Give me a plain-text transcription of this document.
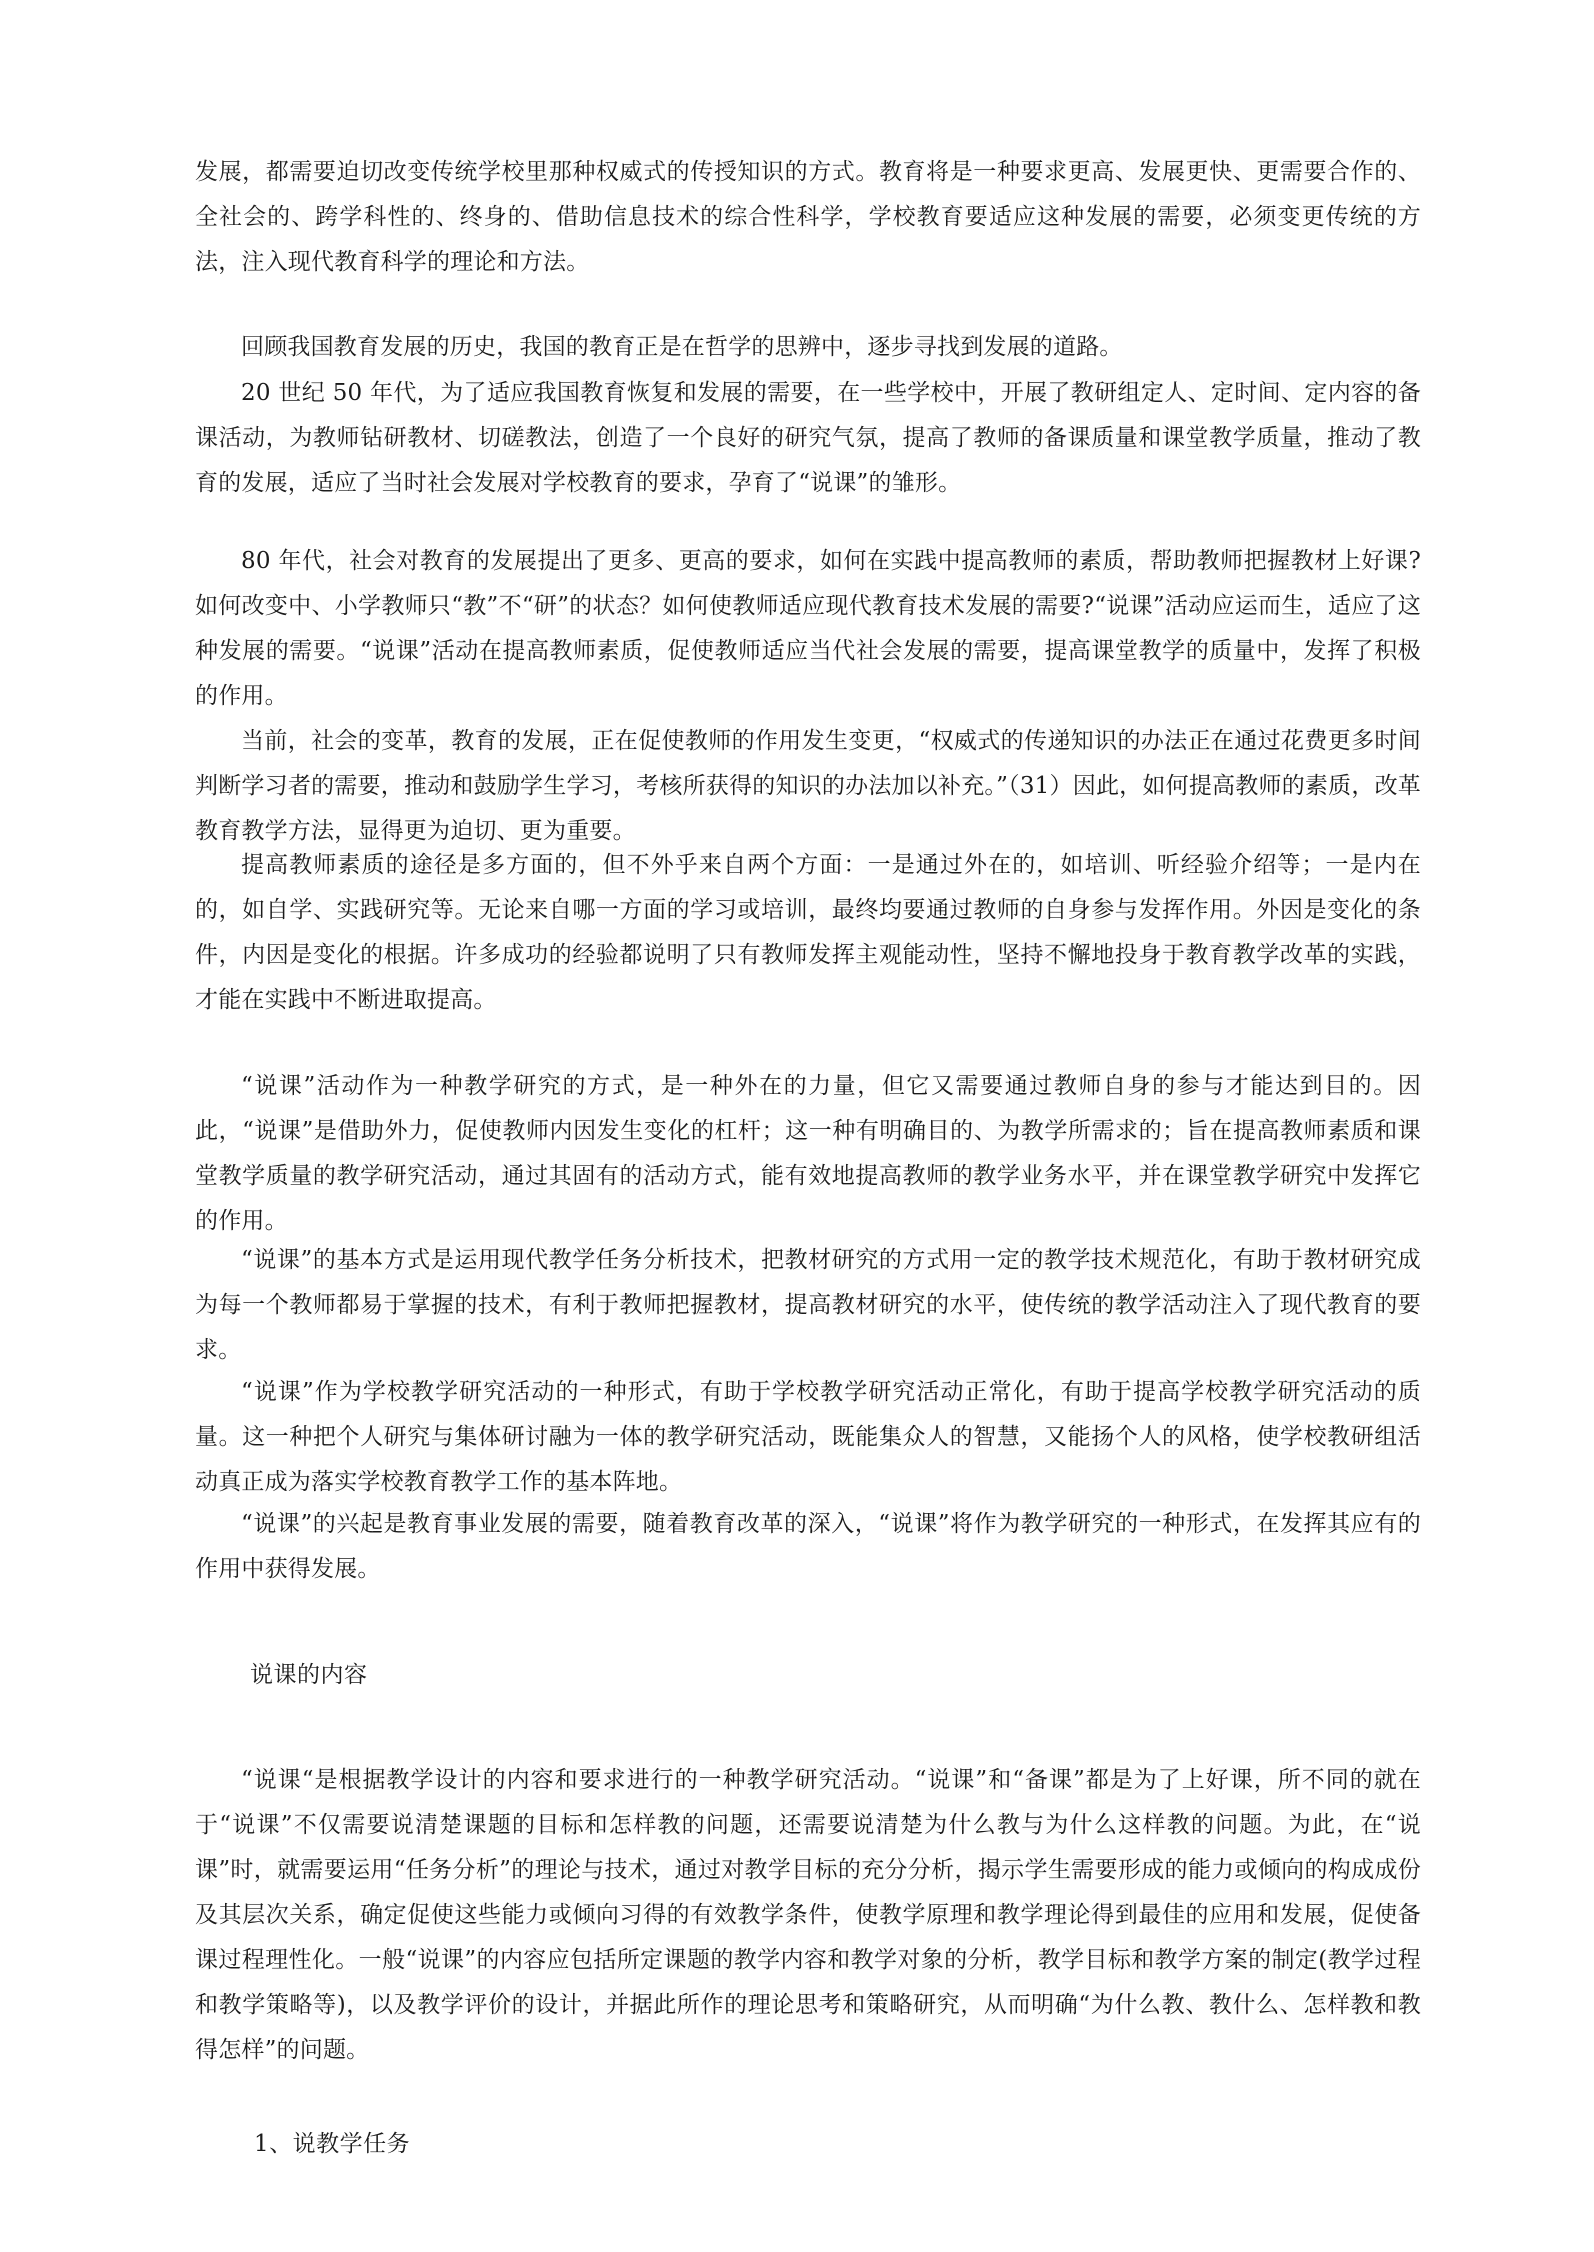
发展，都需要迫切改变传统学校里那种权威式的传授知识的方式。教育将是一种要求更高、发展更快、更需要合作的、全社会的、跨学科性的、终身的、借助信息技术的综合性科学，学校教育要适应这种发展的需要，必须变更传统的方法，注入现代教育科学的理论和方法。

回顾我国教育发展的历史，我国的教育正是在哲学的思辨中，逐步寻找到发展的道路。

20 世纪 50 年代，为了适应我国教育恢复和发展的需要，在一些学校中，开展了教研组定人、定时间、定内容的备课活动，为教师钻研教材、切磋教法，创造了一个良好的研究气氛，提高了教师的备课质量和课堂教学质量，推动了教育的发展，适应了当时社会发展对学校教育的要求，孕育了“说课”的雏形。

80 年代，社会对教育的发展提出了更多、更高的要求，如何在实践中提高教师的素质，帮助教师把握教材上好课?如何改变中、小学教师只“教”不“研”的状态？如何使教师适应现代教育技术发展的需要?“说课”活动应运而生，适应了这种发展的需要。“说课”活动在提高教师素质，促使教师适应当代社会发展的需要，提高课堂教学的质量中，发挥了积极的作用。

当前，社会的变革，教育的发展，正在促使教师的作用发生变更，“权威式的传递知识的办法正在通过花费更多时间判断学习者的需要，推动和鼓励学生学习，考核所获得的知识的办法加以补充。”（31）因此，如何提高教师的素质，改革教育教学方法，显得更为迫切、更为重要。

提高教师素质的途径是多方面的，但不外乎来自两个方面：一是通过外在的，如培训、听经验介绍等；一是内在的，如自学、实践研究等。无论来自哪一方面的学习或培训，最终均要通过教师的自身参与发挥作用。外因是变化的条件，内因是变化的根据。许多成功的经验都说明了只有教师发挥主观能动性，坚持不懈地投身于教育教学改革的实践，才能在实践中不断进取提高。

“说课”活动作为一种教学研究的方式，是一种外在的力量，但它又需要通过教师自身的参与才能达到目的。因此，“说课”是借助外力，促使教师内因发生变化的杠杆；这一种有明确目的、为教学所需求的；旨在提高教师素质和课堂教学质量的教学研究活动，通过其固有的活动方式，能有效地提高教师的教学业务水平，并在课堂教学研究中发挥它的作用。

“说课”的基本方式是运用现代教学任务分析技术，把教材研究的方式用一定的教学技术规范化，有助于教材研究成为每一个教师都易于掌握的技术，有利于教师把握教材，提高教材研究的水平，使传统的教学活动注入了现代教育的要求。

“说课”作为学校教学研究活动的一种形式，有助于学校教学研究活动正常化，有助于提高学校教学研究活动的质量。这一种把个人研究与集体研讨融为一体的教学研究活动，既能集众人的智慧，又能扬个人的风格，使学校教研组活动真正成为落实学校教育教学工作的基本阵地。

“说课”的兴起是教育事业发展的需要，随着教育改革的深入，“说课”将作为教学研究的一种形式，在发挥其应有的作用中获得发展。

说课的内容

“说课“是根据教学设计的内容和要求进行的一种教学研究活动。“说课”和“备课”都是为了上好课，所不同的就在于“说课”不仅需要说清楚课题的目标和怎样教的问题，还需要说清楚为什么教与为什么这样教的问题。为此，在“说课”时，就需要运用“任务分析”的理论与技术，通过对教学目标的充分分析，揭示学生需要形成的能力或倾向的构成成份及其层次关系，确定促使这些能力或倾向习得的有效教学条件，使教学原理和教学理论得到最佳的应用和发展，促使备课过程理性化。一般“说课”的内容应包括所定课题的教学内容和教学对象的分析，教学目标和教学方案的制定(教学过程和教学策略等)，以及教学评价的设计，并据此所作的理论思考和策略研究，从而明确“为什么教、教什么、怎样教和教得怎样”的问题。

1、说教学任务
